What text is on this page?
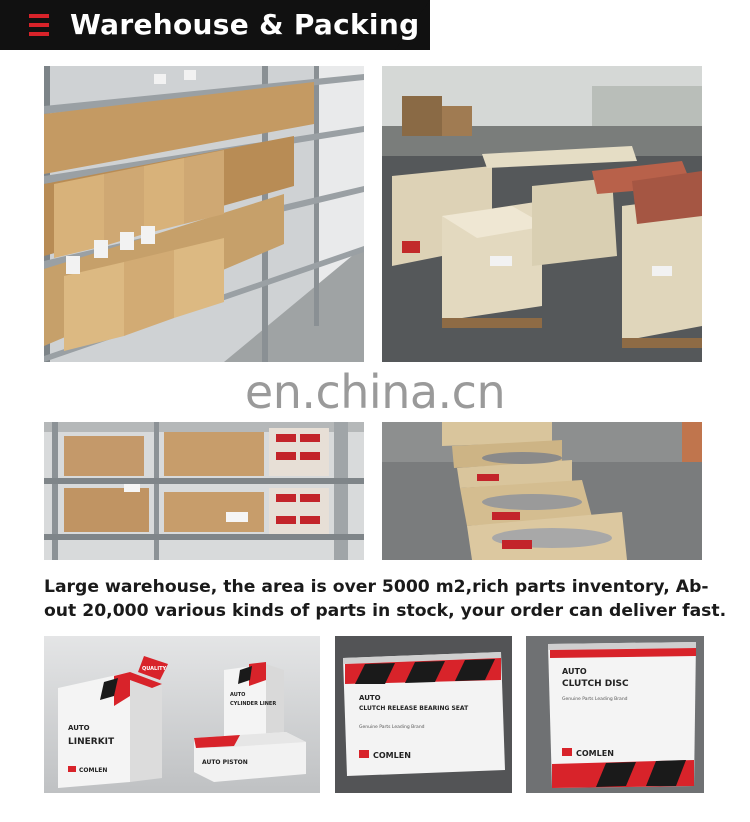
Warehouse & Packing
en.china.cn
Large warehouse, the area is over 5000 m2,rich parts inventory, Ab-
out 20,000 various kinds of parts in stock, your order can deliver fast.
QUALITY
AUTO
LINERKIT
COMLEN
AUTO
CYLINDER LINER
AUTO PISTON
AUTO
CLUTCH RELEASE BEARING SEAT
Genuine Parts Leading Brand
COMLEN
AUTO
CLUTCH DISC
Genuine Parts Leading Brand
COMLEN
